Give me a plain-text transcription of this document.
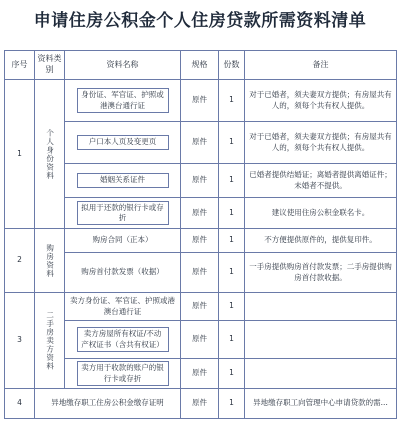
申请住房公积金个人住房贷款所需资料清单
序号	资料类别	资料名称	规格	份数	备注
1	个人身份资料	身份证、军官证、护照或港澳台通行证	原件	1	对于已婚者，须夫妻双方提供；有房屋共有人的，须每个共有权人提供。

		户口本人页及变更页	原件	1	对于已婚者，须夫妻双方提供；有房屋共有人的，须每个共有权人提供。

		婚姻关系证件	原件	1	已婚者提供结婚证；离婚者提供离婚证件；未婚者不提供。

		拟用于还款的银行卡或存折	原件	1	建议使用住房公积金联名卡。
2	购房资料	购房合同（正本）	原件	1	不方便提供原件的，提供复印件。
		购房首付款发票（收据）	原件	1	一手房提供购房首付款发票；二手房提供购房首付款收据。
3	二手房卖方资料	卖方身份证、军官证、护照或港澳台通行证	原件	1	

		卖方房屋所有权证/不动产权证书（含共有权证）	原件	1	

		卖方用于收款的账户的银行卡或存折	原件	1	
4	异地缴存职工住房公积金缴存证明		原件	1	异地缴存职工向管理中心申请贷款的需...
